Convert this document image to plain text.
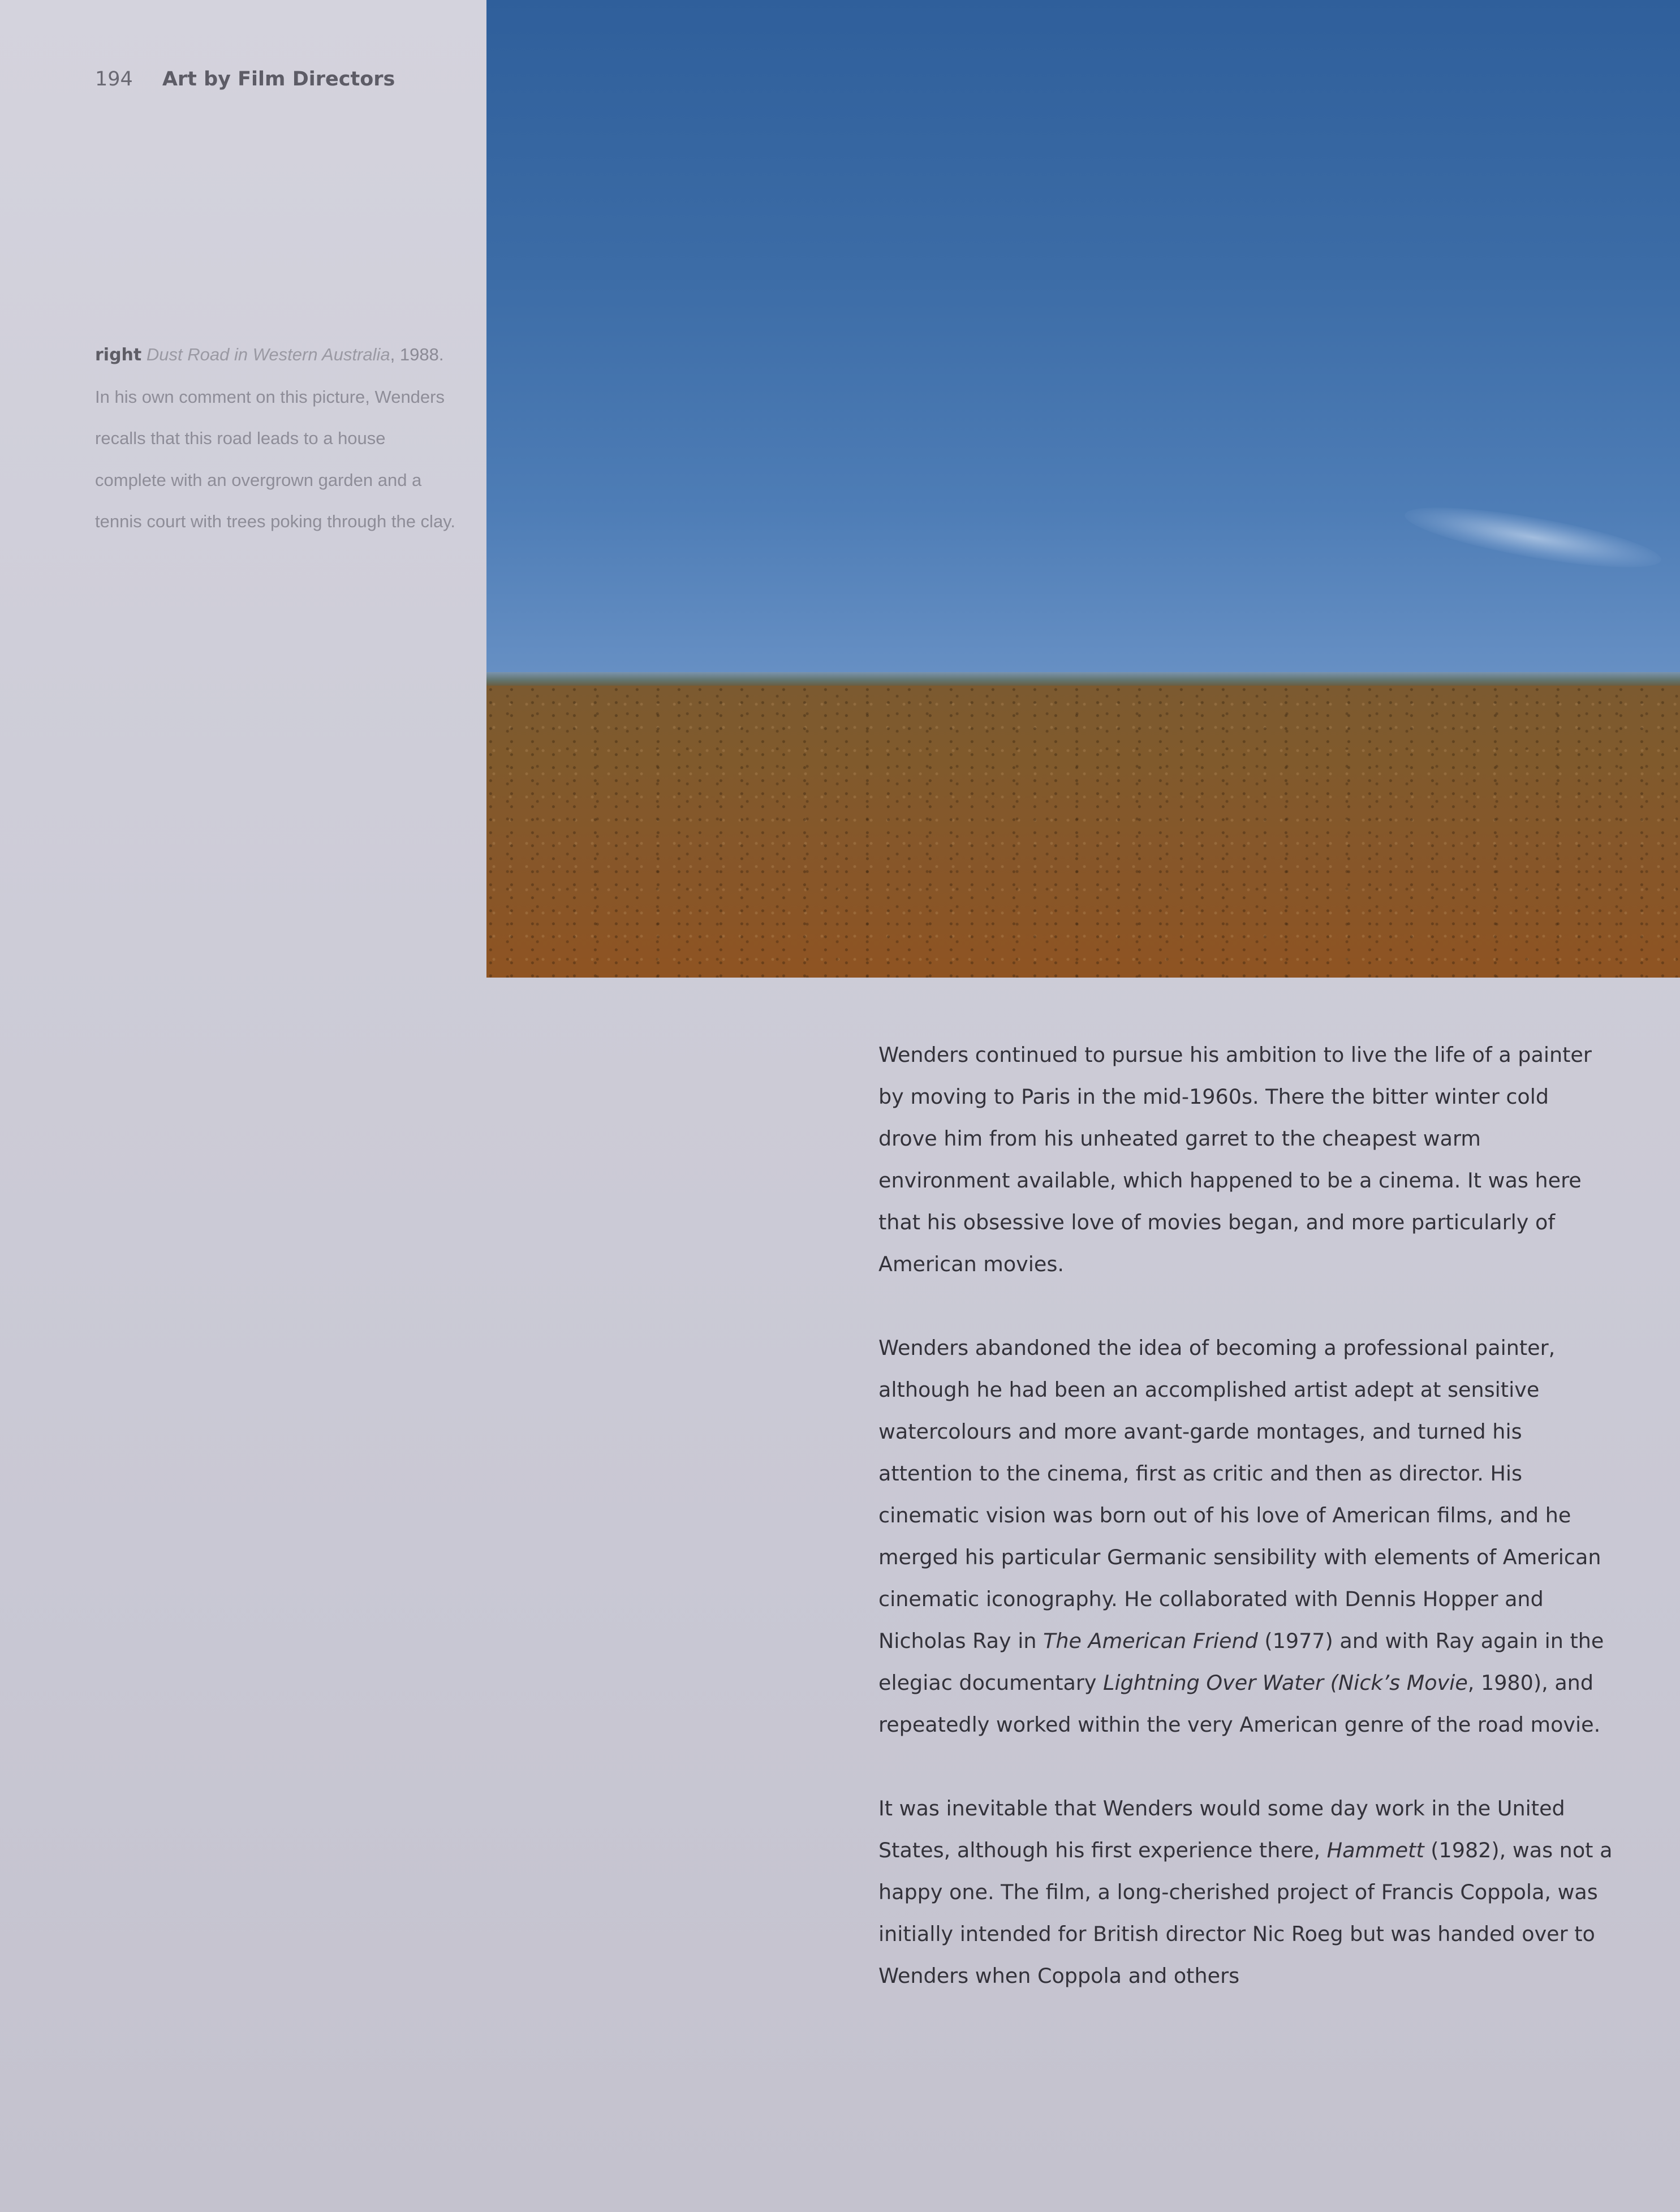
194 Art by Film Directors
right Dust Road in Western Australia, 1988. In his own comment on this picture, Wenders recalls that this road leads to a house complete with an overgrown garden and a tennis court with trees poking through the clay.

Wenders continued to pursue his ambition to live the life of a painter by moving to Paris in the mid-1960s. There the bitter winter cold drove him from his unheated garret to the cheapest warm environment available, which happened to be a cinema. It was here that his obsessive love of movies began, and more particularly of American movies.

Wenders abandoned the idea of becoming a professional painter, although he had been an accomplished artist adept at sensitive watercolours and more avant-garde montages, and turned his attention to the cinema, first as critic and then as director. His cinematic vision was born out of his love of American films, and he merged his particular Germanic sensibility with elements of American cinematic iconography. He collaborated with Dennis Hopper and Nicholas Ray in The American Friend (1977) and with Ray again in the elegiac documentary Lightning Over Water (Nick’s Movie, 1980), and repeatedly worked within the very American genre of the road movie.

It was inevitable that Wenders would some day work in the United States, although his first experience there, Hammett (1982), was not a happy one. The film, a long-cherished project of Francis Coppola, was initially intended for British director Nic Roeg but was handed over to Wenders when Coppola and others
